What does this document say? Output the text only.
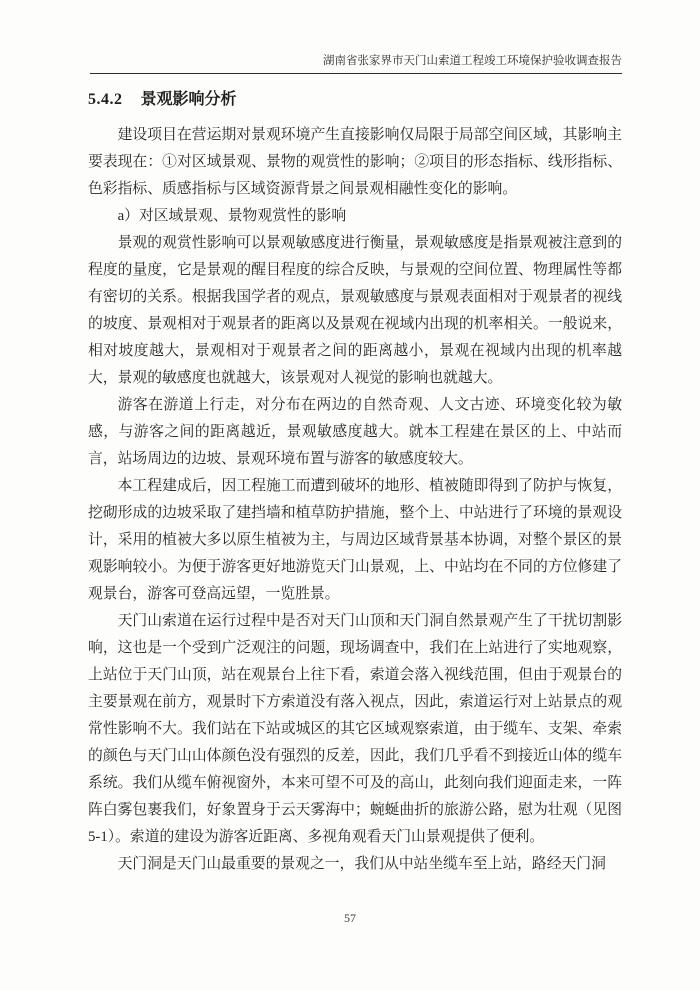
湖南省张家界市天门山索道工程竣工环境保护验收调查报告
5.4.2 景观影响分析

建设项目在营运期对景观环境产生直接影响仅局限于局部空间区域，其影响主要表现在：①对区域景观、景物的观赏性的影响；②项目的形态指标、线形指标、色彩指标、质感指标与区域资源背景之间景观相融性变化的影响。

a）对区域景观、景物观赏性的影响

景观的观赏性影响可以景观敏感度进行衡量，景观敏感度是指景观被注意到的程度的量度，它是景观的醒目程度的综合反映，与景观的空间位置、物理属性等都有密切的关系。根据我国学者的观点，景观敏感度与景观表面相对于观景者的视线的坡度、景观相对于观景者的距离以及景观在视域内出现的机率相关。一般说来，相对坡度越大，景观相对于观景者之间的距离越小，景观在视域内出现的机率越大，景观的敏感度也就越大，该景观对人视觉的影响也就越大。

游客在游道上行走，对分布在两边的自然奇观、人文古迹、环境变化较为敏感，与游客之间的距离越近，景观敏感度越大。就本工程建在景区的上、中站而言，站场周边的边坡、景观环境布置与游客的敏感度较大。

本工程建成后，因工程施工而遭到破坏的地形、植被随即得到了防护与恢复，挖砌形成的边坡采取了建挡墙和植草防护措施，整个上、中站进行了环境的景观设计，采用的植被大多以原生植被为主，与周边区域背景基本协调，对整个景区的景观影响较小。为便于游客更好地游览天门山景观，上、中站均在不同的方位修建了观景台，游客可登高远望，一览胜景。

天门山索道在运行过程中是否对天门山顶和天门洞自然景观产生了干扰切割影响，这也是一个受到广泛观注的问题，现场调查中，我们在上站进行了实地观察，上站位于天门山顶，站在观景台上往下看，索道会落入视线范围，但由于观景台的主要景观在前方，观景时下方索道没有落入视点，因此，索道运行对上站景点的观常性影响不大。我们站在下站或城区的其它区域观察索道，由于缆车、支架、牵索的颜色与天门山山体颜色没有强烈的反差，因此，我们几乎看不到接近山体的缆车系统。我们从缆车俯视窗外，本来可望不可及的高山，此刻向我们迎面走来，一阵阵白雾包裹我们，好象置身于云天雾海中；蜿蜒曲折的旅游公路，慰为壮观（见图5-1）。索道的建设为游客近距离、多视角观看天门山景观提供了便利。

天门洞是天门山最重要的景观之一，我们从中站坐缆车至上站，路经天门洞

57
